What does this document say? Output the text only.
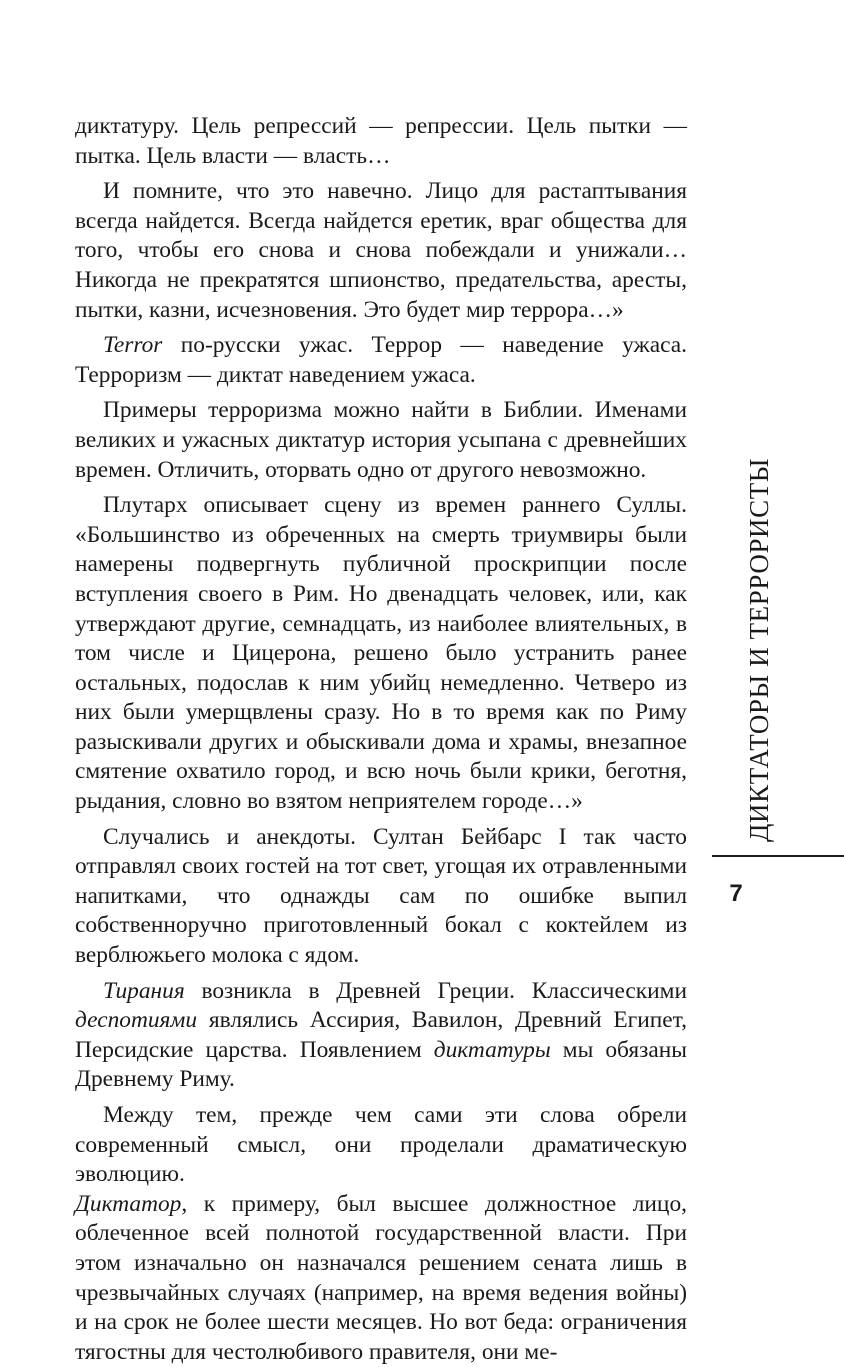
диктатуру. Цель репрессий — репрессии. Цель пытки — пытка. Цель власти — власть…

И помните, что это навечно. Лицо для растаптывания всегда найдется. Всегда найдется еретик, враг общества для того, чтобы его снова и снова побеждали и унижали… Никогда не прекратятся шпионство, предательства, аресты, пытки, казни, исчезновения. Это будет мир террора…»

Terror по-русски ужас. Террор — наведение ужаса. Терроризм — диктат наведением ужаса.

Примеры терроризма можно найти в Библии. Именами великих и ужасных диктатур история усыпана с древнейших времен. Отличить, оторвать одно от другого невозможно.

Плутарх описывает сцену из времен раннего Суллы. «Большинство из обреченных на смерть триумвиры были намерены подвергнуть публичной проскрипции после вступления своего в Рим. Но двенадцать человек, или, как утверждают другие, семнадцать, из наиболее влиятельных, в том числе и Цицерона, решено было устранить ранее остальных, подослав к ним убийц немедленно. Четверо из них были умерщвлены сразу. Но в то время как по Риму разыскивали других и обыскивали дома и храмы, внезапное смятение охватило город, и всю ночь были крики, беготня, рыдания, словно во взятом неприятелем городе…»

Случались и анекдоты. Султан Бейбарс I так часто отправлял своих гостей на тот свет, угощая их отравленными напитками, что однажды сам по ошибке выпил собственноручно приготовленный бокал с коктейлем из верблюжьего молока с ядом.

Тирания возникла в Древней Греции. Классическими деспотиями являлись Ассирия, Вавилон, Древний Египет, Персидские царства. Появлением диктатуры мы обязаны Древнему Риму.

Между тем, прежде чем сами эти слова обрели современный смысл, они проделали драматическую эволюцию.

Диктатор, к примеру, был высшее должностное лицо, облеченное всей полнотой государственной власти. При этом изначально он назначался решением сената лишь в чрезвычайных случаях (например, на время ведения войны) и на срок не более шести месяцев. Но вот беда: ограничения тягостны для честолюбивого правителя, они ме-

ДИКТАТОРЫ И ТЕРРОРИСТЫ
7
